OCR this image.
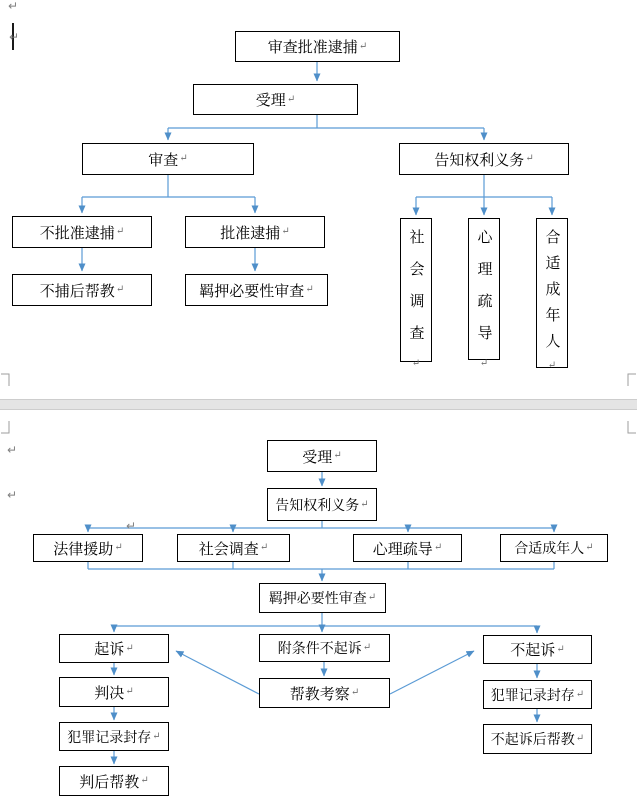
↵
↵
↵
↵
↵
审查批准逮捕 ↵
受理 ↵
审查 ↵	告知权利义务 ↵
不批准逮捕 ↵	批准逮捕 ↵
不捕后帮教 ↵	羁押必要性审查 ↵	社会调查↵
心理疏导↵
合适成年人↵
受理 ↵
告知权利义务 ↵
法律援助 ↵	社会调查 ↵	心理疏导 ↵	合适成年人 ↵
羁押必要性审查 ↵
起诉 ↵	附条件不起诉 ↵	不起诉 ↵
判决 ↵	帮教考察 ↵	犯罪记录封存 ↵
犯罪记录封存 ↵	不起诉后帮教 ↵
判后帮教 ↵
